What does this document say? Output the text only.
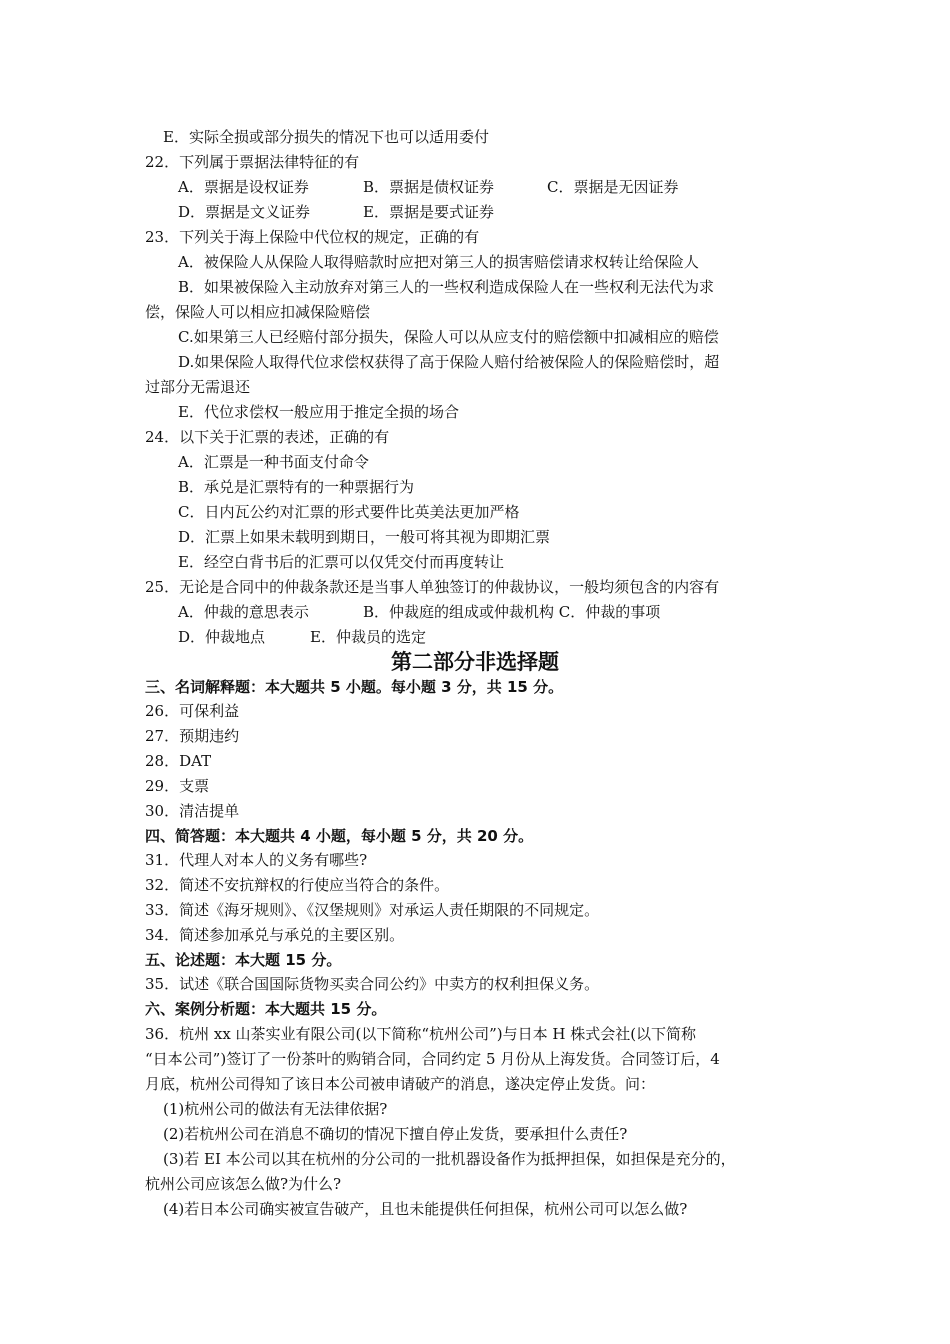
E．实际全损或部分损失的情况下也可以适用委付
22．下列属于票据法律特征的有
A．票据是设权证券	B．票据是债权证券	C．票据是无因证券
D．票据是文义证券	E．票据是要式证券
23．下列关于海上保险中代位权的规定，正确的有
A．被保险人从保险人取得赔款时应把对第三人的损害赔偿请求权转让给保险人
B．如果被保险入主动放弃对第三人的一些权利造成保险人在一些权利无法代为求
偿，保险人可以相应扣减保险赔偿
C.如果第三人已经赔付部分损失，保险人可以从应支付的赔偿额中扣减相应的赔偿
D.如果保险人取得代位求偿权获得了高于保险人赔付给被保险人的保险赔偿时，超
过部分无需退还
E．代位求偿权一般应用于推定全损的场合
24．以下关于汇票的表述，正确的有
A．汇票是一种书面支付命令
B．承兑是汇票特有的一种票据行为
C．日内瓦公约对汇票的形式要件比英美法更加严格
D．汇票上如果未载明到期日，一般可将其视为即期汇票
E．经空白背书后的汇票可以仅凭交付而再度转让
25．无论是合同中的仲裁条款还是当事人单独签订的仲裁协议，一般均须包含的内容有
A．仲裁的意思表示	B．仲裁庭的组成或仲裁机构 C．仲裁的事项
D．仲裁地点	E．仲裁员的选定
第二部分非选择题
三、名词解释题：本大题共 5 小题。每小题 3 分，共 15 分。
26．可保利益
27．预期违约
28．DAT
29．支票
30．清洁提单
四、简答题：本大题共 4 小题，每小题 5 分，共 20 分。
31．代理人对本人的义务有哪些?
32．简述不安抗辩权的行使应当符合的条件。
33．简述《海牙规则》、《汉堡规则》对承运人责任期限的不同规定。
34．简述参加承兑与承兑的主要区别。
五、论述题：本大题 15 分。
35．试述《联合国国际货物买卖合同公约》中卖方的权利担保义务。
六、案例分析题：本大题共 15 分。
36．杭州 xx 山茶实业有限公司(以下简称“杭州公司”)与日本 H 株式会社(以下简称
“日本公司”)签订了一份茶叶的购销合同，合同约定 5 月份从上海发货。合同签订后，4
月底，杭州公司得知了该日本公司被申请破产的消息，遂决定停止发货。问：
(1)杭州公司的做法有无法律依据?
(2)若杭州公司在消息不确切的情况下擅自停止发货，要承担什么责任?
(3)若 EI 本公司以其在杭州的分公司的一批机器设备作为抵押担保，如担保是充分的，
杭州公司应该怎么做?为什么?
(4)若日本公司确实被宣告破产，且也未能提供任何担保，杭州公司可以怎么做?
